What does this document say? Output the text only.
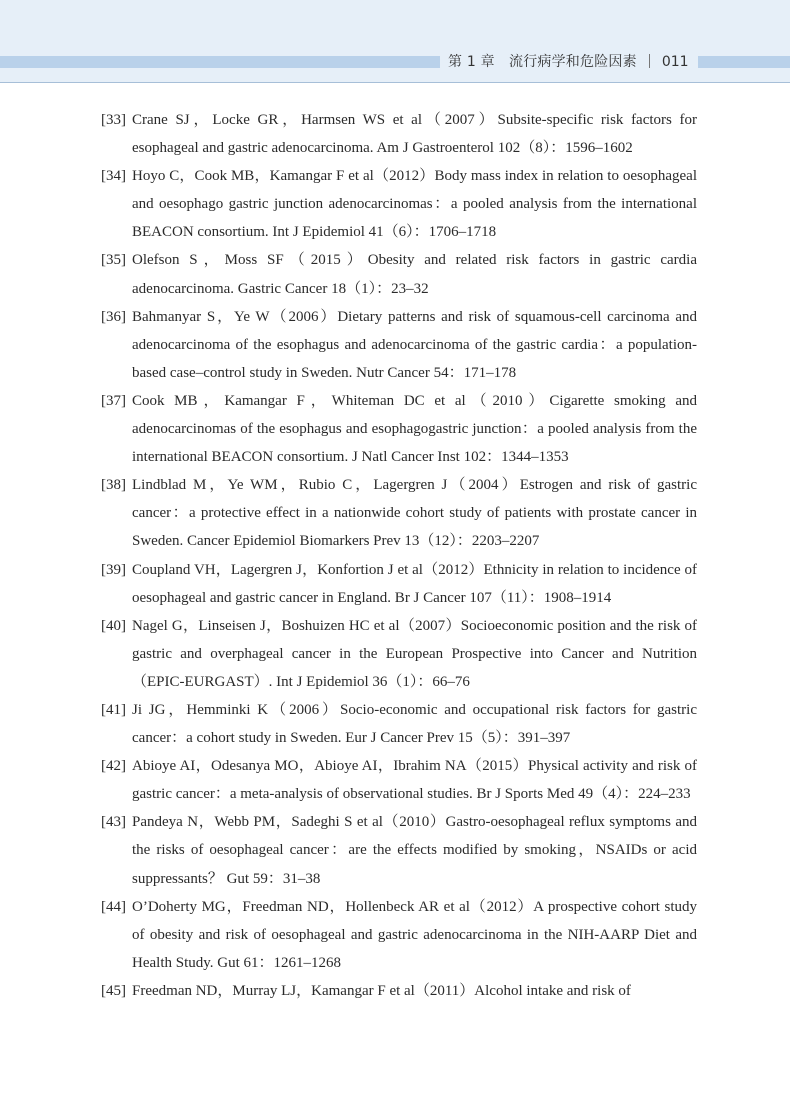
第 1 章　流行病学和危险因素 011

[33] Crane SJ，Locke GR，Harmsen WS et al（2007）Subsite-specific risk factors for esophageal and gastric adenocarcinoma. Am J Gastroenterol 102（8）：1596–1602

[34] Hoyo C，Cook MB，Kamangar F et al（2012）Body mass index in relation to oesophageal and oesophago gastric junction adenocarcinomas：a pooled analysis from the international BEACON consortium. Int J Epidemiol 41（6）：1706–1718

[35] Olefson S，Moss SF（2015）Obesity and related risk factors in gastric cardia adenocarcinoma. Gastric Cancer 18（1）：23–32

[36] Bahmanyar S，Ye W（2006）Dietary patterns and risk of squamous-cell carcinoma and adenocarcinoma of the esophagus and adenocarcinoma of the gastric cardia：a population-based case–control study in Sweden. Nutr Cancer 54：171–178

[37] Cook MB，Kamangar F，Whiteman DC et al（2010）Cigarette smoking and adenocarcinomas of the esophagus and esophagogastric junction：a pooled analysis from the international BEACON consortium. J Natl Cancer Inst 102：1344–1353

[38] Lindblad M，Ye WM，Rubio C，Lagergren J（2004）Estrogen and risk of gastric cancer：a protective effect in a nationwide cohort study of patients with prostate cancer in Sweden. Cancer Epidemiol Biomarkers Prev 13（12）：2203–2207

[39] Coupland VH，Lagergren J，Konfortion J et al（2012）Ethnicity in relation to incidence of oesophageal and gastric cancer in England. Br J Cancer 107（11）：1908–1914

[40] Nagel G，Linseisen J，Boshuizen HC et al（2007）Socioeconomic position and the risk of gastric and overphageal cancer in the European Prospective into Cancer and Nutrition（EPIC-EURGAST）. Int J Epidemiol 36（1）：66–76

[41] Ji JG，Hemminki K（2006）Socio-economic and occupational risk factors for gastric cancer：a cohort study in Sweden. Eur J Cancer Prev 15（5）：391–397

[42] Abioye AI，Odesanya MO，Abioye AI，Ibrahim NA（2015）Physical activity and risk of gastric cancer：a meta-analysis of observational studies. Br J Sports Med 49（4）：224–233

[43] Pandeya N，Webb PM，Sadeghi S et al（2010）Gastro-oesophageal reflux symptoms and the risks of oesophageal cancer：are the effects modified by smoking，NSAIDs or acid suppressants？ Gut 59：31–38

[44] O’Doherty MG，Freedman ND，Hollenbeck AR et al（2012）A prospective cohort study of obesity and risk of oesophageal and gastric adenocarcinoma in the NIH-AARP Diet and Health Study. Gut 61：1261–1268

[45] Freedman ND，Murray LJ，Kamangar F et al（2011）Alcohol intake and risk of
